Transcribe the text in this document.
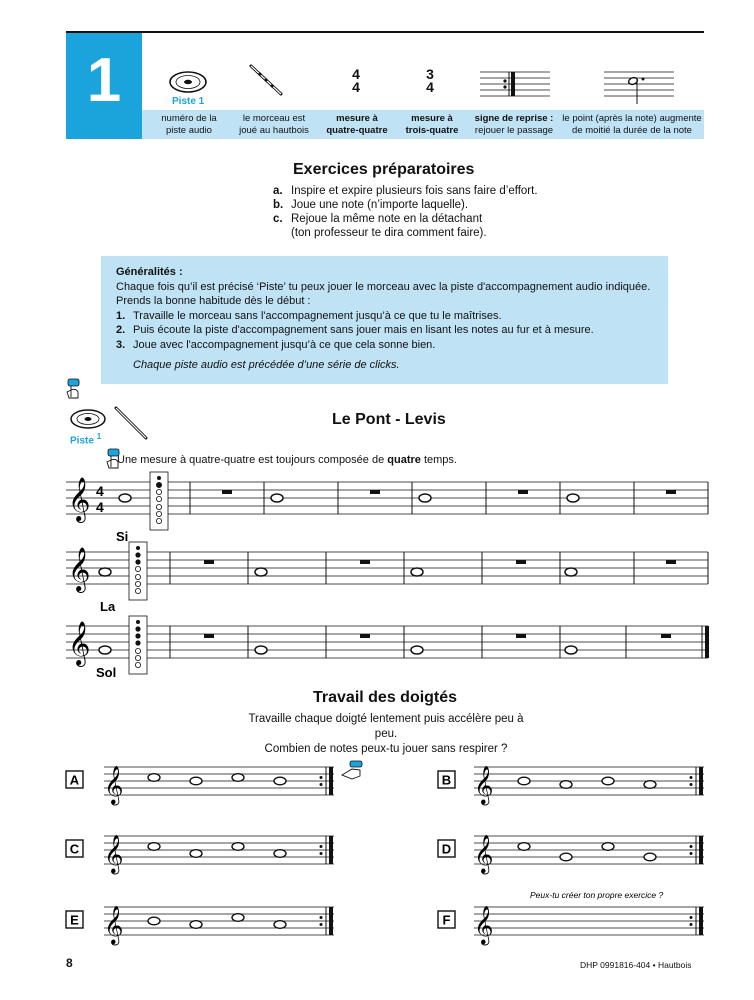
1	Piste 1
4
4
3
4
numéro de la
piste audio
le morceau est
joué au hautbois
mesure à
quatre-quatre
mesure à
trois-quatre
signe de reprise :
rejouer le passage
le point (après la note) augmente
de moitié la durée de la note
Exercices préparatoires
a. Inspire et expire plusieurs fois sans faire d’effort.
b. Joue une note (n’importe laquelle).
c. Rejoue la même note en la détachant
(ton professeur te dira comment faire).
Généralités :
Chaque fois qu’il est précisé ‘Piste’ tu peux jouer le morceau avec la piste d'accompagnement audio indiquée.
Prends la bonne habitude dès le début :
1. Travaille le morceau sans l'accompagnement jusqu’à ce que tu le maîtrises.
2. Puis écoute la piste d'accompagnement sans jouer mais en lisant les notes au fur et à mesure.
3. Joue avec l'accompagnement jusqu’à ce que cela sonne bien.
Chaque piste audio est précédée d’une série de clicks.
Piste $^1$
Le Pont - Levis
Une mesure à quatre-quatre est toujours composée de quatre temps.
𝄞 4
4
Si
𝄞
La
𝄞
Sol
Travail des doigtés
Travaille chaque doigté lentement puis accélère peu à peu.
Combien de notes peux-tu jouer sans respirer ?
A 𝄞	B 𝄞
C 𝄞	D 𝄞
E 𝄞
Peux-tu créer ton propre exercice ?
F 𝄞
8	DHP 0991816-404 • Hautbois
